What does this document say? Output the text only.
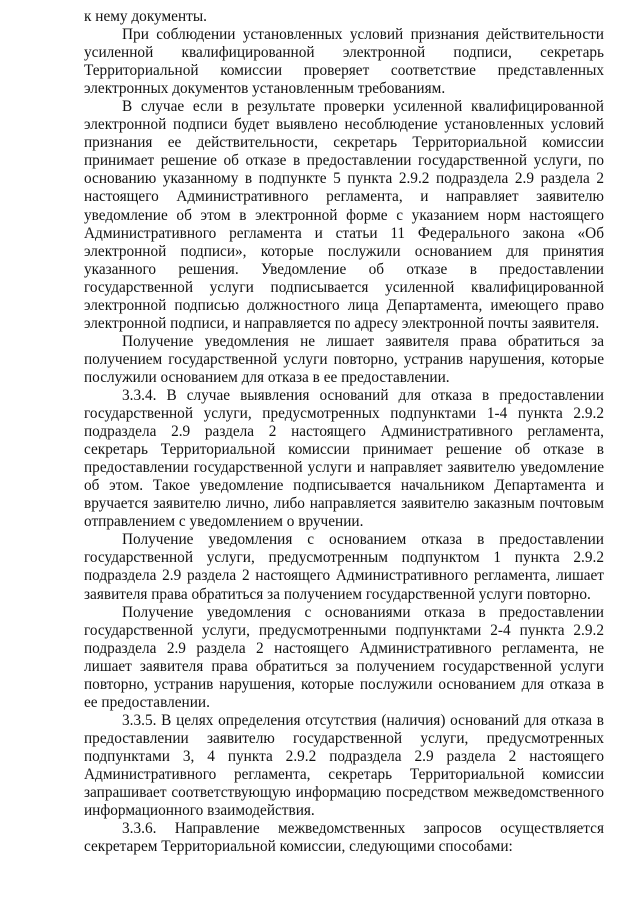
к нему документы.

При соблюдении установленных условий признания действительности усиленной квалифицированной электронной подписи, секретарь Территориальной комиссии проверяет соответствие представленных электронных документов установленным требованиям.

В случае если в результате проверки усиленной квалифицированной электронной подписи будет выявлено несоблюдение установленных условий признания ее действительности, секретарь Территориальной комиссии принимает решение об отказе в предоставлении государственной услуги, по основанию указанному в подпункте 5 пункта 2.9.2 подраздела 2.9 раздела 2 настоящего Административного регламента, и направляет заявителю уведомление об этом в электронной форме с указанием норм настоящего Административного регламента и статьи 11 Федерального закона «Об электронной подписи», которые послужили основанием для принятия указанного решения. Уведомление об отказе в предоставлении государственной услуги подписывается усиленной квалифицированной электронной подписью должностного лица Департамента, имеющего право электронной подписи, и направляется по адресу электронной почты заявителя.

Получение уведомления не лишает заявителя права обратиться за получением государственной услуги повторно, устранив нарушения, которые послужили основанием для отказа в ее предоставлении.

3.3.4. В случае выявления оснований для отказа в предоставлении государственной услуги, предусмотренных подпунктами 1-4 пункта 2.9.2 подраздела 2.9 раздела 2 настоящего Административного регламента, секретарь Территориальной комиссии принимает решение об отказе в предоставлении государственной услуги и направляет заявителю уведомление об этом. Такое уведомление подписывается начальником Департамента и вручается заявителю лично, либо направляется заявителю заказным почтовым отправлением с уведомлением о вручении.

Получение уведомления с основанием отказа в предоставлении государственной услуги, предусмотренным подпунктом 1 пункта 2.9.2 подраздела 2.9 раздела 2 настоящего Административного регламента, лишает заявителя права обратиться за получением государственной услуги повторно.

Получение уведомления с основаниями отказа в предоставлении государственной услуги, предусмотренными подпунктами 2-4 пункта 2.9.2 подраздела 2.9 раздела 2 настоящего Административного регламента, не лишает заявителя права обратиться за получением государственной услуги повторно, устранив нарушения, которые послужили основанием для отказа в ее предоставлении.

3.3.5. В целях определения отсутствия (наличия) оснований для отказа в предоставлении заявителю государственной услуги, предусмотренных подпунктами 3, 4 пункта 2.9.2 подраздела 2.9 раздела 2 настоящего Административного регламента, секретарь Территориальной комиссии запрашивает соответствующую информацию посредством межведомственного информационного взаимодействия.

3.3.6. Направление межведомственных запросов осуществляется секретарем Территориальной комиссии, следующими способами:
